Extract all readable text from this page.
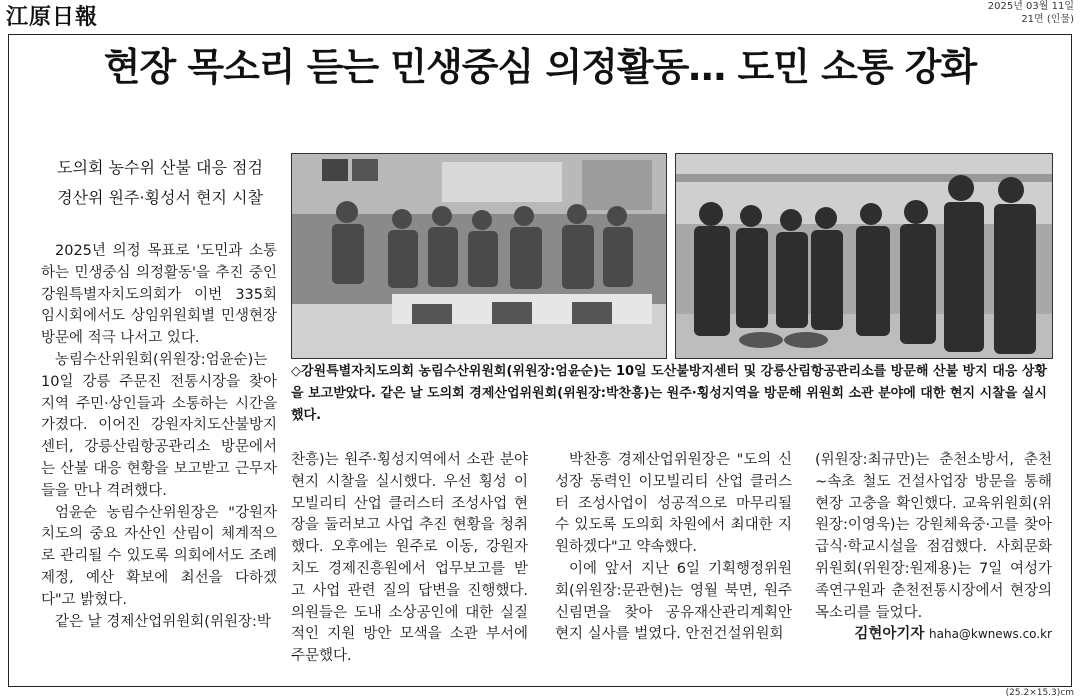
江原日報	2025년 03월 11일
21면 (인물)
현장 목소리 듣는 민생중심 의정활동… 도민 소통 강화
도의회 농수위 산불 대응 점검
경산위 원주·횡성서 현지 시찰
◇강원특별자치도의회 농림수산위원회(위원장:엄윤순)는 10일 도산불방지센터 및 강릉산림항공관리소를 방문해 산불 방지 대응 상황을 보고받았다. 같은 날 도의회 경제산업위원회(위원장:박찬흥)는 원주·횡성지역을 방문해 위원회 소관 분야에 대한 현지 시찰을 실시했다.

2025년 의정 목표로 '도민과 소통하는 민생중심 의정활동'을 추진 중인 강원특별자치도의회가 이번 335회 임시회에서도 상임위원회별 민생현장 방문에 적극 나서고 있다.

농림수산위원회(위원장:엄윤순)는 10일 강릉 주문진 전통시장을 찾아 지역 주민·상인들과 소통하는 시간을 가졌다. 이어진 강원자치도산불방지센터, 강릉산림항공관리소 방문에서는 산불 대응 현황을 보고받고 근무자들을 만나 격려했다.

엄윤순 농림수산위원장은 "강원자치도의 중요 자산인 산림이 체계적으로 관리될 수 있도록 의회에서도 조례 제정, 예산 확보에 최선을 다하겠다"고 밝혔다.

같은 날 경제산업위원회(위원장:박

찬흥)는 원주·횡성지역에서 소관 분야 현지 시찰을 실시했다. 우선 횡성 이모빌리티 산업 클러스터 조성사업 현장을 둘러보고 사업 추진 현황을 청취했다. 오후에는 원주로 이동, 강원자치도 경제진흥원에서 업무보고를 받고 사업 관련 질의 답변을 진행했다. 의원들은 도내 소상공인에 대한 실질적인 지원 방안 모색을 소관 부서에 주문했다.

박찬흥 경제산업위원장은 "도의 신성장 동력인 이모빌리티 산업 클러스터 조성사업이 성공적으로 마무리될 수 있도록 도의회 차원에서 최대한 지원하겠다"고 약속했다.

이에 앞서 지난 6일 기획행정위원회(위원장:문관현)는 영월 북면, 원주 신림면을 찾아 공유재산관리계획안 현지 실사를 벌였다. 안전건설위원회

(위원장:최규만)는 춘천소방서, 춘천~속초 철도 건설사업장 방문을 통해 현장 고충을 확인했다. 교육위원회(위원장:이영욱)는 강원체육중·고를 찾아 급식·학교시설을 점검했다. 사회문화위원회(위원장:원제용)는 7일 여성가족연구원과 춘천전통시장에서 현장의 목소리를 들었다.

김현아기자 haha@kwnews.co.kr

(25.2×15.3)cm
